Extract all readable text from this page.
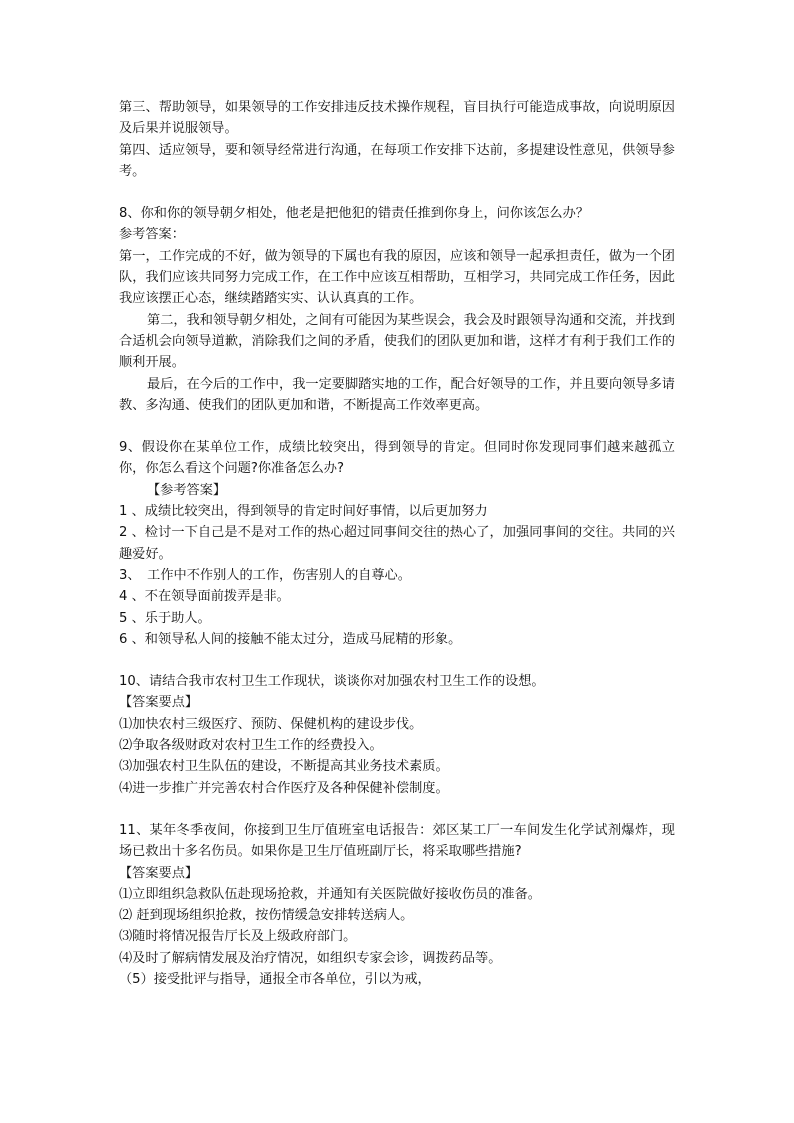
第三、帮助领导，如果领导的工作安排违反技术操作规程，盲目执行可能造成事故，向说明原因及后果并说服领导。

第四、适应领导，要和领导经常进行沟通，在每项工作安排下达前，多提建设性意见，供领导参考。

8、你和你的领导朝夕相处，他老是把他犯的错责任推到你身上，问你该怎么办？

参考答案：

第一，工作完成的不好，做为领导的下属也有我的原因，应该和领导一起承担责任，做为一个团队，我们应该共同努力完成工作，在工作中应该互相帮助，互相学习，共同完成工作任务，因此我应该摆正心态，继续踏踏实实、认认真真的工作。

第二，我和领导朝夕相处，之间有可能因为某些误会，我会及时跟领导沟通和交流，并找到合适机会向领导道歉，消除我们之间的矛盾，使我们的团队更加和谐，这样才有利于我们工作的顺利开展。

最后，在今后的工作中，我一定要脚踏实地的工作，配合好领导的工作，并且要向领导多请教、多沟通、使我们的团队更加和谐，不断提高工作效率更高。

9、假设你在某单位工作，成绩比较突出，得到领导的肯定。但同时你发现同事们越来越孤立你，你怎么看这个问题?你准备怎么办?

【参考答案】

1 、成绩比较突出，得到领导的肯定时间好事情，以后更加努力

2 、检讨一下自己是不是对工作的热心超过同事间交往的热心了，加强同事间的交往。共同的兴趣爱好。

3、　工作中不作别人的工作，伤害别人的自尊心。

4 、不在领导面前拨弄是非。

5 、乐于助人。

6 、和领导私人间的接触不能太过分，造成马屁精的形象。

10、请结合我市农村卫生工作现状，谈谈你对加强农村卫生工作的设想。

【答案要点】

⑴加快农村三级医疗、预防、保健机构的建设步伐。

⑵争取各级财政对农村卫生工作的经费投入。

⑶加强农村卫生队伍的建设，不断提高其业务技术素质。

⑷进一步推广并完善农村合作医疗及各种保健补偿制度。

11、某年冬季夜间，你接到卫生厅值班室电话报告：郊区某工厂一车间发生化学试剂爆炸，现场已救出十多名伤员。如果你是卫生厅值班副厅长，将采取哪些措施?

【答案要点】

⑴立即组织急救队伍赴现场抢救，并通知有关医院做好接收伤员的准备。

⑵ 赶到现场组织抢救，按伤情缓急安排转送病人。

⑶随时将情况报告厅长及上级政府部门。

⑷及时了解病情发展及治疗情况，如组织专家会诊，调拨药品等。

（5）接受批评与指导，通报全市各单位，引以为戒，
